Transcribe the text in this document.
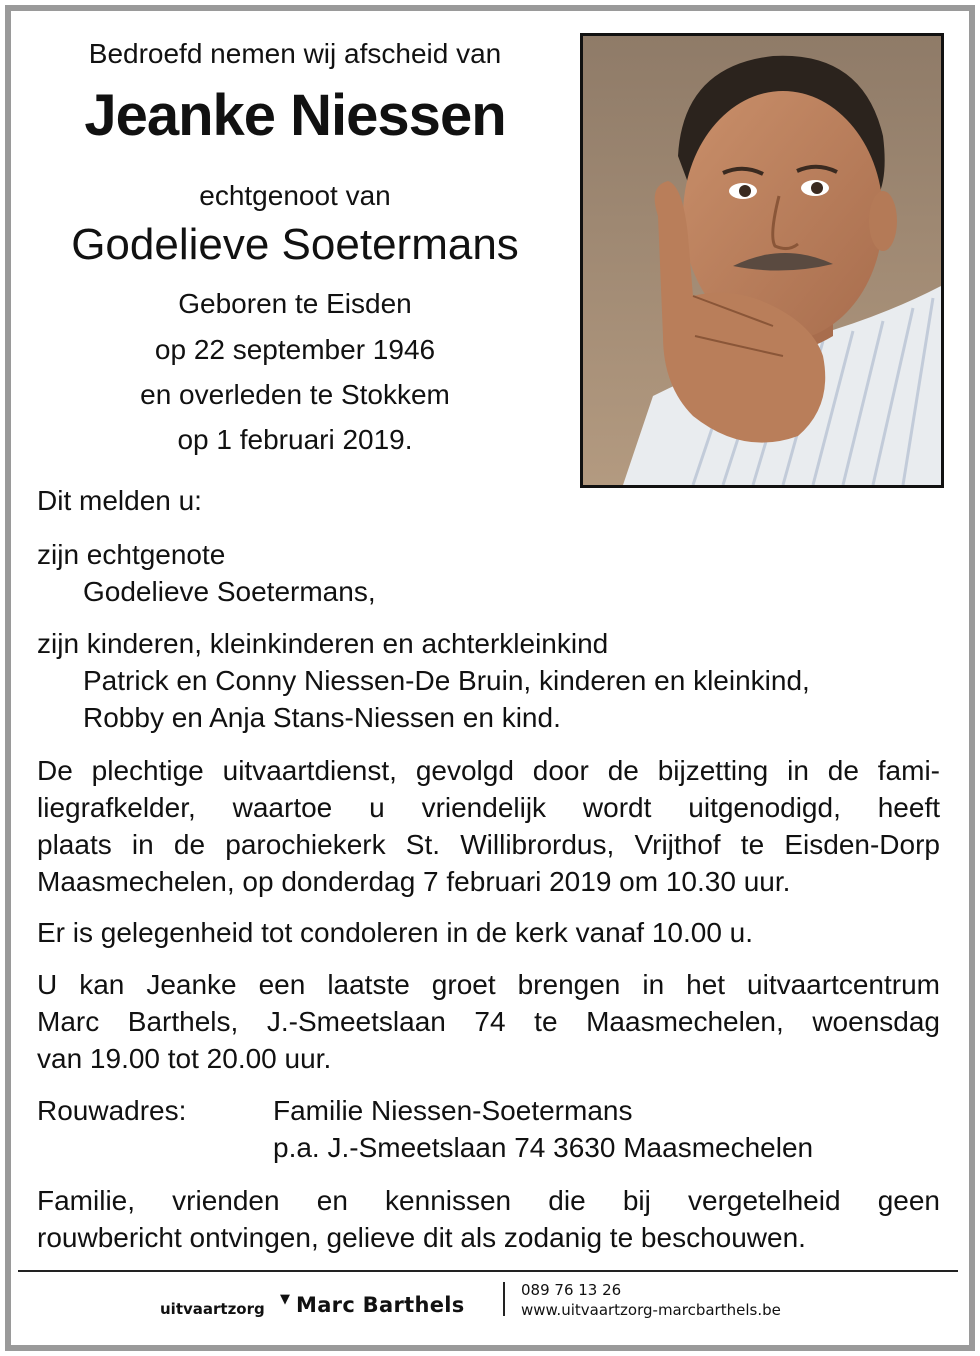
Bedroefd nemen wij afscheid van
Jeanke Niessen
echtgenoot van
Godelieve Soetermans
Geboren te Eisden
op 22 september 1946
en overleden te Stokkem
op 1 februari 2019.
Dit melden u:
zijn echtgenote
Godelieve Soetermans,
zijn kinderen, kleinkinderen en achterkleinkind
Patrick en Conny Niessen-De Bruin, kinderen en kleinkind,
Robby en Anja Stans-Niessen en kind.
De plechtige uitvaartdienst, gevolgd door de bijzetting in de fami-
liegrafkelder, waartoe u vriendelijk wordt uitgenodigd, heeft
plaats in de parochiekerk St. Willibrordus, Vrijthof te Eisden-Dorp
Maasmechelen, op donderdag 7 februari 2019 om 10.30 uur.
Er is gelegenheid tot condoleren in de kerk vanaf 10.00 u.
U kan Jeanke een laatste groet brengen in het uitvaartcentrum
Marc Barthels, J.-Smeetslaan 74 te Maasmechelen, woensdag
van 19.00 tot 20.00 uur.
Rouwadres:	Familie Niessen-Soetermans
p.a. J.-Smeetslaan 74 3630 Maasmechelen
Familie, vrienden en kennissen die bij vergetelheid geen
rouwbericht ontvingen, gelieve dit als zodanig te beschouwen.
uitvaartzorg
▼ Marc Barthels
089 76 13 26
www.uitvaartzorg-marcbarthels.be
